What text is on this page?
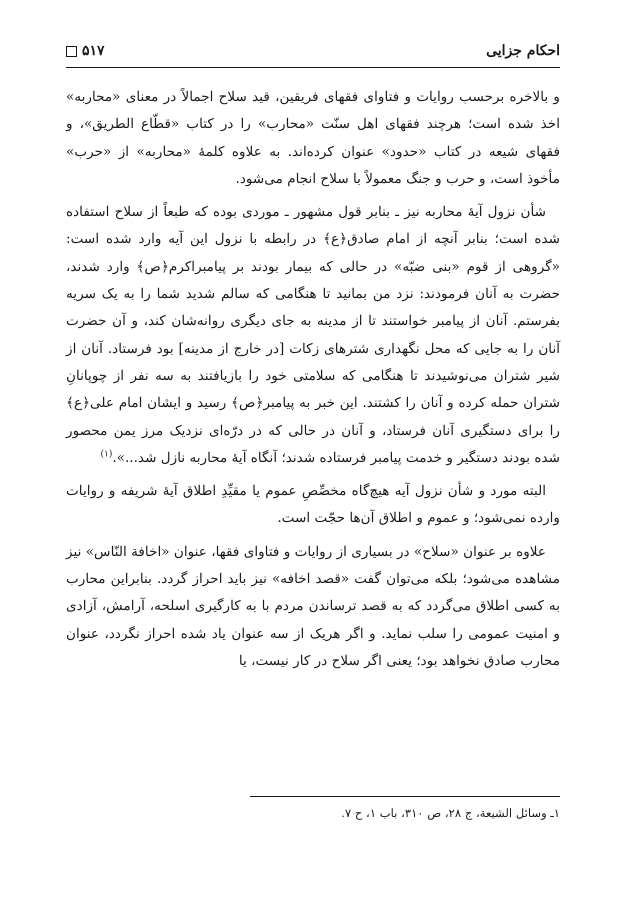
احکام جزایی
۵۱۷

و بالاخره برحسب روایات و فتاوای فقهای فریقین، قید سلاح اجمالاً در معنای «محاربه» اخذ شده است؛ هرچند فقهای اهل سنّت «محارب» را در کتاب «قطّاع الطریق»، و فقهای شیعه در کتاب «حدود» عنوان کرده‌اند. به علاوه کلمهٔ «محاربه» از «حرب» مأخوذ است، و حرب و جنگ معمولاً با سلاح انجام می‌شود.

شأن نزول آیهٔ محاربه نیز ـ بنابر قول مشهور ـ موردی بوده که طبعاً از سلاح استفاده شده است؛ بنابر آنچه از امام صادق﴿ع﴾ در رابطه با نزول این آیه وارد شده است: «گروهی از قوم «بنی ضبّه» در حالی که بیمار بودند بر پیامبراکرم﴿ص﴾ وارد شدند، حضرت به آنان فرمودند: نزد من بمانید تا هنگامی که سالم شدید شما را به یک سریه بفرستم. آنان از پیامبر خواستند تا از مدینه به جای دیگری روانه‌شان کند، و آن حضرت آنان را به جایی که محل نگهداری شترهای زکات [در خارج از مدینه] بود فرستاد. آنان از شیر شتران می‌نوشیدند تا هنگامی که سلامتی خود را بازیافتند به سه نفر از چوپانانِ شتران حمله کرده و آنان را کشتند. این خبر به پیامبر﴿ص﴾ رسید و ایشان امام علی﴿ع﴾ را برای دستگیری آنان فرستاد، و آنان در حالی که در درّه‌ای نزدیک مرز یمن محصور شده بودند دستگیر و خدمت پیامبر فرستاده شدند؛ آنگاه آیهٔ محاربه نازل شد...».$^{(۱)}$

البته مورد و شأن نزول آیه هیچ‌گاه مخصِّصِ عموم یا مقیِّدِ اطلاق آیهٔ شریفه و روایات وارده نمی‌شود؛ و عموم و اطلاق آن‌ها حجّت است.

علاوه بر عنوان «سلاح» در بسیاری از روایات و فتاوای فقها، عنوان «اخافة النّاس» نیز مشاهده می‌شود؛ بلکه می‌توان گفت «قصد اخافه» نیز باید احراز گردد. بنابراین محارب به کسی اطلاق می‌گردد که به قصد ترساندن مردم با به کارگیری اسلحه، آرامش، آزادی و امنیت عمومی را سلب نماید. و اگر هریک از سه عنوان یاد شده احراز نگردد، عنوان محارب صادق نخواهد بود؛ یعنی اگر سلاح در کار نیست، یا

۱ـ وسائل الشیعة، ج ۲۸، ص ۳۱۰، باب ۱، ح ۷.
